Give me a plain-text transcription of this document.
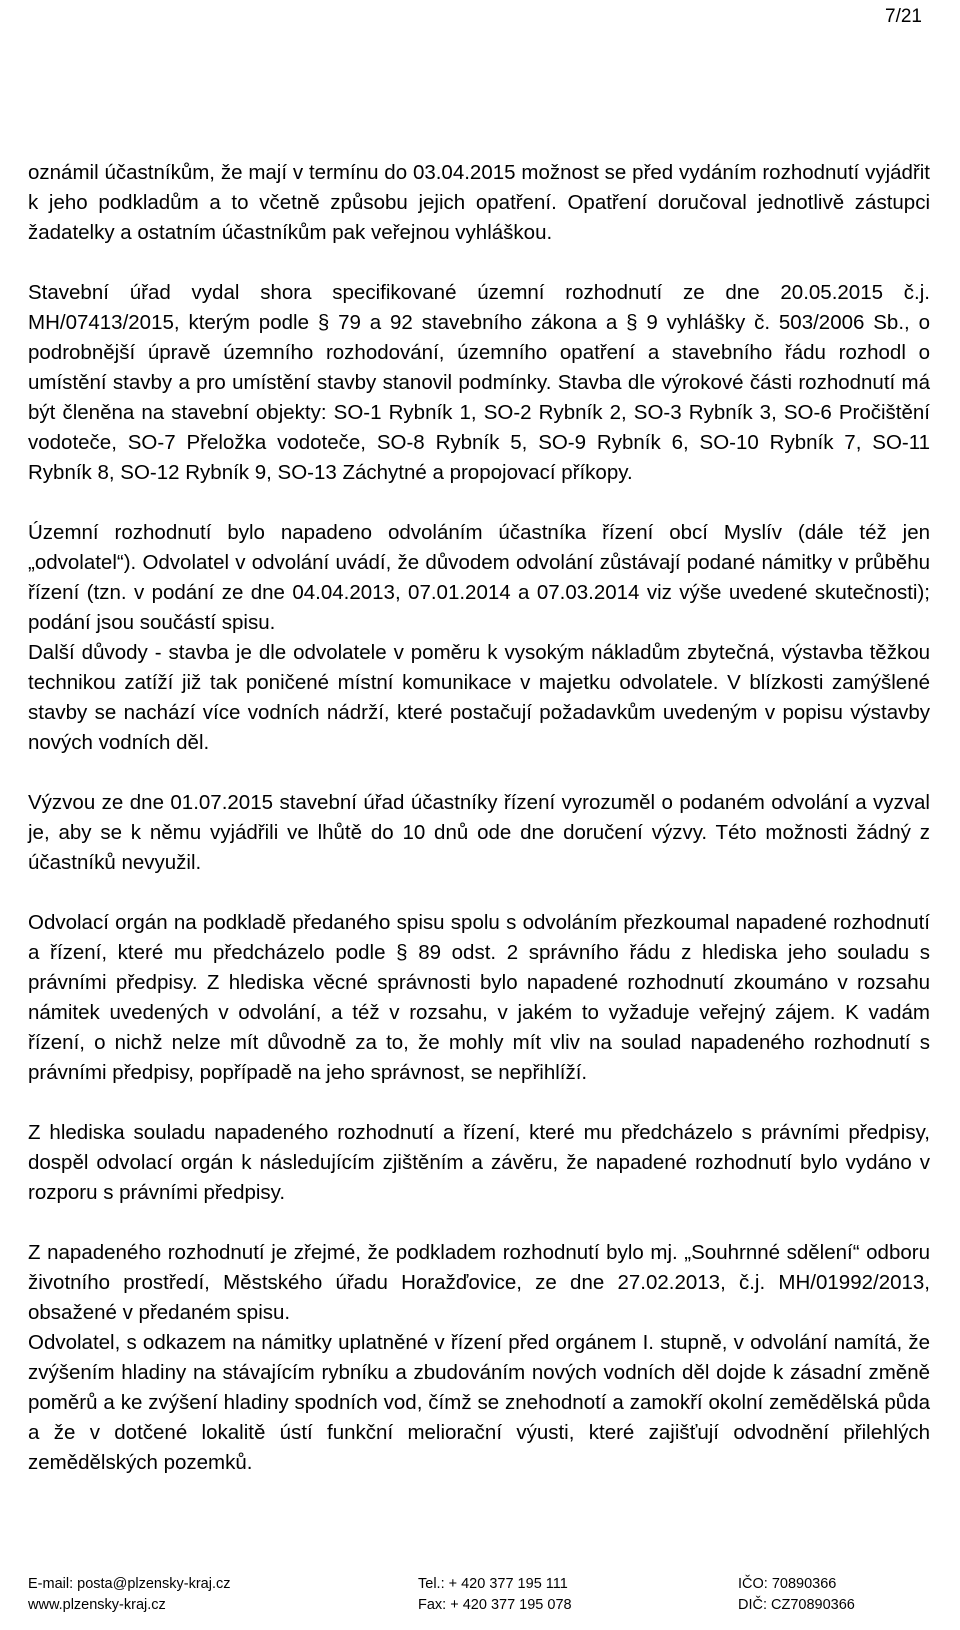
7/21

oznámil účastníkům, že mají v termínu do 03.04.2015 možnost se před vydáním rozhodnutí vyjádřit k jeho podkladům a to včetně způsobu jejich opatření. Opatření doručoval jednotlivě zástupci žadatelky a ostatním účastníkům pak veřejnou vyhláškou.

Stavební úřad vydal shora specifikované územní rozhodnutí ze dne 20.05.2015 č.j. MH/07413/2015, kterým podle § 79 a 92 stavebního zákona a § 9 vyhlášky č. 503/2006 Sb., o podrobnější úpravě územního rozhodování, územního opatření a stavebního řádu rozhodl o umístění stavby a pro umístění stavby stanovil podmínky. Stavba dle výrokové části rozhodnutí má být členěna na stavební objekty: SO-1 Rybník 1, SO-2 Rybník 2, SO-3 Rybník 3, SO-6 Pročištění vodoteče, SO-7 Přeložka vodoteče, SO-8 Rybník 5, SO-9 Rybník 6, SO-10 Rybník 7, SO-11 Rybník 8, SO-12 Rybník 9, SO-13 Záchytné a propojovací příkopy.

Územní rozhodnutí bylo napadeno odvoláním účastníka řízení obcí Myslív (dále též jen „odvolatel“). Odvolatel v odvolání uvádí, že důvodem odvolání zůstávají podané námitky v průběhu řízení (tzn. v podání ze dne 04.04.2013, 07.01.2014 a 07.03.2014 viz výše uvedené skutečnosti); podání jsou součástí spisu.

Další důvody - stavba je dle odvolatele v poměru k vysokým nákladům zbytečná, výstavba těžkou technikou zatíží již tak poničené místní komunikace v majetku odvolatele. V blízkosti zamýšlené stavby se nachází více vodních nádrží, které postačují požadavkům uvedeným v popisu výstavby nových vodních děl.

Výzvou ze dne 01.07.2015 stavební úřad účastníky řízení vyrozuměl o podaném odvolání a vyzval je, aby se k němu vyjádřili ve lhůtě do 10 dnů ode dne doručení výzvy. Této možnosti žádný z účastníků nevyužil.

Odvolací orgán na podkladě předaného spisu spolu s odvoláním přezkoumal napadené rozhodnutí a řízení, které mu předcházelo podle § 89 odst. 2 správního řádu z hlediska jeho souladu s právními předpisy. Z hlediska věcné správnosti bylo napadené rozhodnutí zkoumáno v rozsahu námitek uvedených v odvolání, a též v rozsahu, v jakém to vyžaduje veřejný zájem. K vadám řízení, o nichž nelze mít důvodně za to, že mohly mít vliv na soulad napadeného rozhodnutí s právními předpisy, popřípadě na jeho správnost, se nepřihlíží.

Z hlediska souladu napadeného rozhodnutí a řízení, které mu předcházelo s právními předpisy, dospěl odvolací orgán k následujícím zjištěním a závěru, že napadené rozhodnutí bylo vydáno v rozporu s právními předpisy.

Z napadeného rozhodnutí je zřejmé, že podkladem rozhodnutí bylo mj. „Souhrnné sdělení“ odboru životního prostředí, Městského úřadu Horažďovice, ze dne 27.02.2013, č.j. MH/01992/2013, obsažené v předaném spisu.

Odvolatel, s odkazem na námitky uplatněné v řízení před orgánem I. stupně, v odvolání namítá, že zvýšením hladiny na stávajícím rybníku a zbudováním nových vodních děl dojde k zásadní změně poměrů a ke zvýšení hladiny spodních vod, čímž se znehodnotí a zamokří okolní zemědělská půda a že v dotčené lokalitě ústí funkční meliorační výusti, které zajišťují odvodnění přilehlých zemědělských pozemků.

E-mail: posta@plzensky-kraj.cz
www.plzensky-kraj.cz
Tel.: + 420 377 195 111
Fax: + 420 377 195 078
IČO: 70890366
DIČ: CZ70890366
